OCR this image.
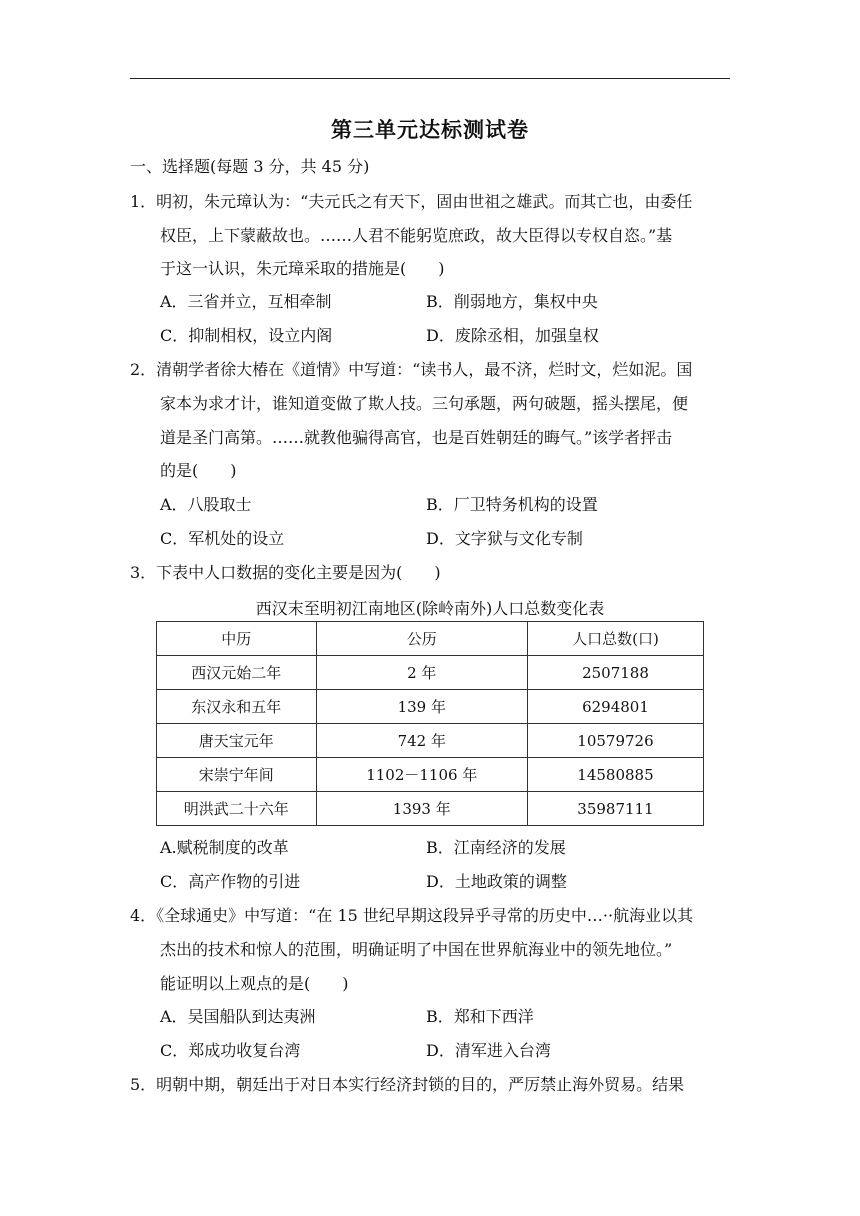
第三单元达标测试卷
一、选择题(每题 3 分，共 45 分)
1．明初，朱元璋认为：“夫元氏之有天下，固由世祖之雄武。而其亡也，由委任
权臣，上下蒙蔽故也。……人君不能躬览庶政，故大臣得以专权自恣。”基
于这一认识，朱元璋采取的措施是(　　)
A．三省并立，互相牵制	B．削弱地方，集权中央
C．抑制相权，设立内阁	D．废除丞相，加强皇权
2．清朝学者徐大椿在《道情》中写道：“读书人，最不济，烂时文，烂如泥。国
家本为求才计，谁知道变做了欺人技。三句承题，两句破题，摇头摆尾，便
道是圣门高第。……就教他骗得高官，也是百姓朝廷的晦气。”该学者抨击
的是(　　)
A．八股取士	B．厂卫特务机构的设置
C．军机处的设立	D．文字狱与文化专制
3．下表中人口数据的变化主要是因为(　　)
西汉末至明初江南地区(除岭南外)人口总数变化表
中历	公历	人口总数(口)
西汉元始二年	2 年	2507188
东汉永和五年	139 年	6294801
唐天宝元年	742 年	10579726
宋崇宁年间	1102－1106 年	14580885
明洪武二十六年	1393 年	35987111
A.赋税制度的改革	B．江南经济的发展
C．高产作物的引进	D．土地政策的调整
4．《全球通史》中写道：“在 15 世纪早期这段异乎寻常的历史中…··航海业以其
杰出的技术和惊人的范围，明确证明了中国在世界航海业中的领先地位。”
能证明以上观点的是(　　)
A．吴国船队到达夷洲	B．郑和下西洋
C．郑成功收复台湾	D．清军进入台湾
5．明朝中期，朝廷出于对日本实行经济封锁的目的，严厉禁止海外贸易。结果
